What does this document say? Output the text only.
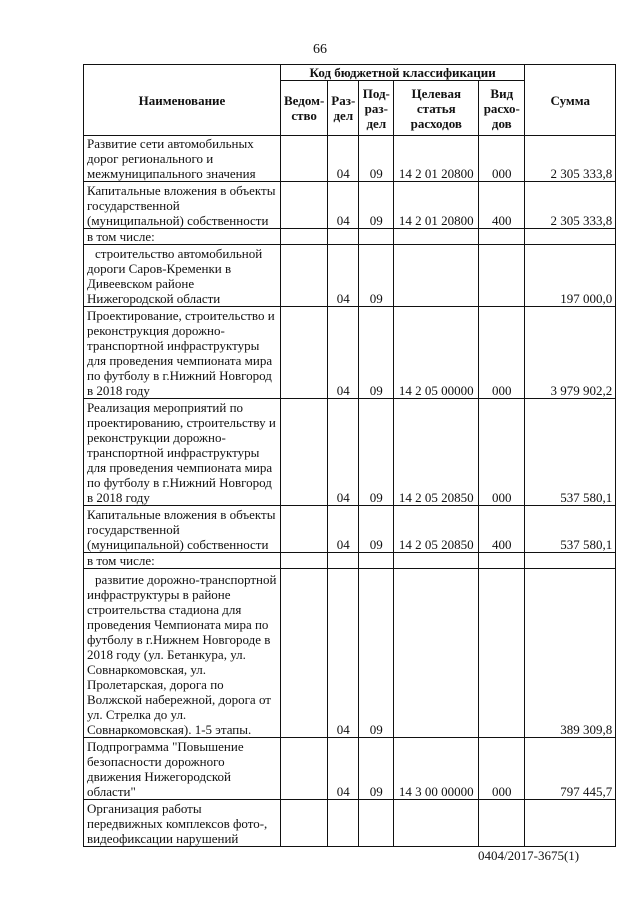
66
Наименование	Код бюджетной классификации					Сумма
	Ведом-ство	Раз-дел	Под-раз-дел	Целевая статья расходов	Вид расхо-дов	
Развитие сети автомобильных дорог регионального и межмуниципального значения		04	09	14 2 01 20800	000	2 305 333,8
Капитальные вложения в объекты государственной (муниципальной) собственности		04	09	14 2 01 20800	400	2 305 333,8
в том числе:						

строительство автомобильной дороги Саров-Кременки в Дивеевском районе Нижегородской области		04	09			197 000,0
Проектирование, строительство и реконструкция дорожно-транспортной инфраструктуры для проведения чемпионата мира по футболу в г.Нижний Новгород в 2018 году		04	09	14 2 05 00000	000	3 979 902,2
Реализация мероприятий по проектированию, строительству и реконструкции дорожно-транспортной инфраструктуры для проведения чемпионата мира по футболу в г.Нижний Новгород в 2018 году		04	09	14 2 05 20850	000	537 580,1
Капитальные вложения в объекты государственной (муниципальной) собственности		04	09	14 2 05 20850	400	537 580,1
в том числе:						

развитие дорожно-транспортной инфраструктуры в районе строительства стадиона для проведения Чемпионата мира по футболу в г.Нижнем Новгороде в 2018 году (ул. Бетанкура, ул. Совнаркомовская, ул. Пролетарская, дорога по Волжской набережной, дорога от ул. Стрелка до ул. Совнаркомовская). 1-5 этапы.		04	09			389 309,8
Подпрограмма "Повышение безопасности дорожного движения Нижегородской области"		04	09	14 3 00 00000	000	797 445,7
Организация работы передвижных комплексов фото-, видеофиксации нарушений						
0404/2017-3675(1)
